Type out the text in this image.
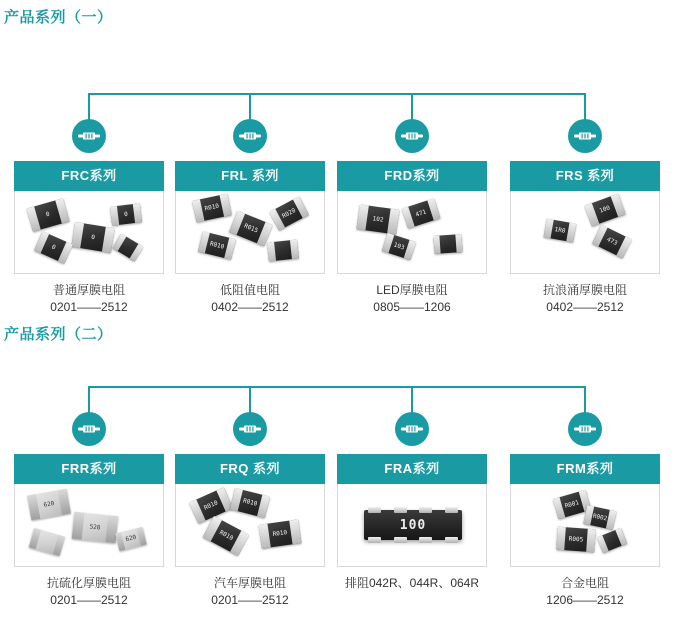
产品系列（一）
FRC系列
0
0
0
0
普通厚膜电阻
0201——2512
FRL 系列
R010
R015
R020
R010
低阻值电阻
0402——2512
FRD系列
102
471
103
LED厚膜电阻
0805——1206
FRS 系列
100
1R0
473
抗浪涌厚膜电阻
0402——2512
产品系列（二）
FRR系列
620
520
620
抗硫化厚膜电阻
0201——2512
FRQ 系列
R010	R010
R010	R010
汽车厚膜电阻
0201——2512
FRA系列
100
排阻042R、044R、064R
FRM系列
R001
R002
R005
合金电阻
1206——2512
